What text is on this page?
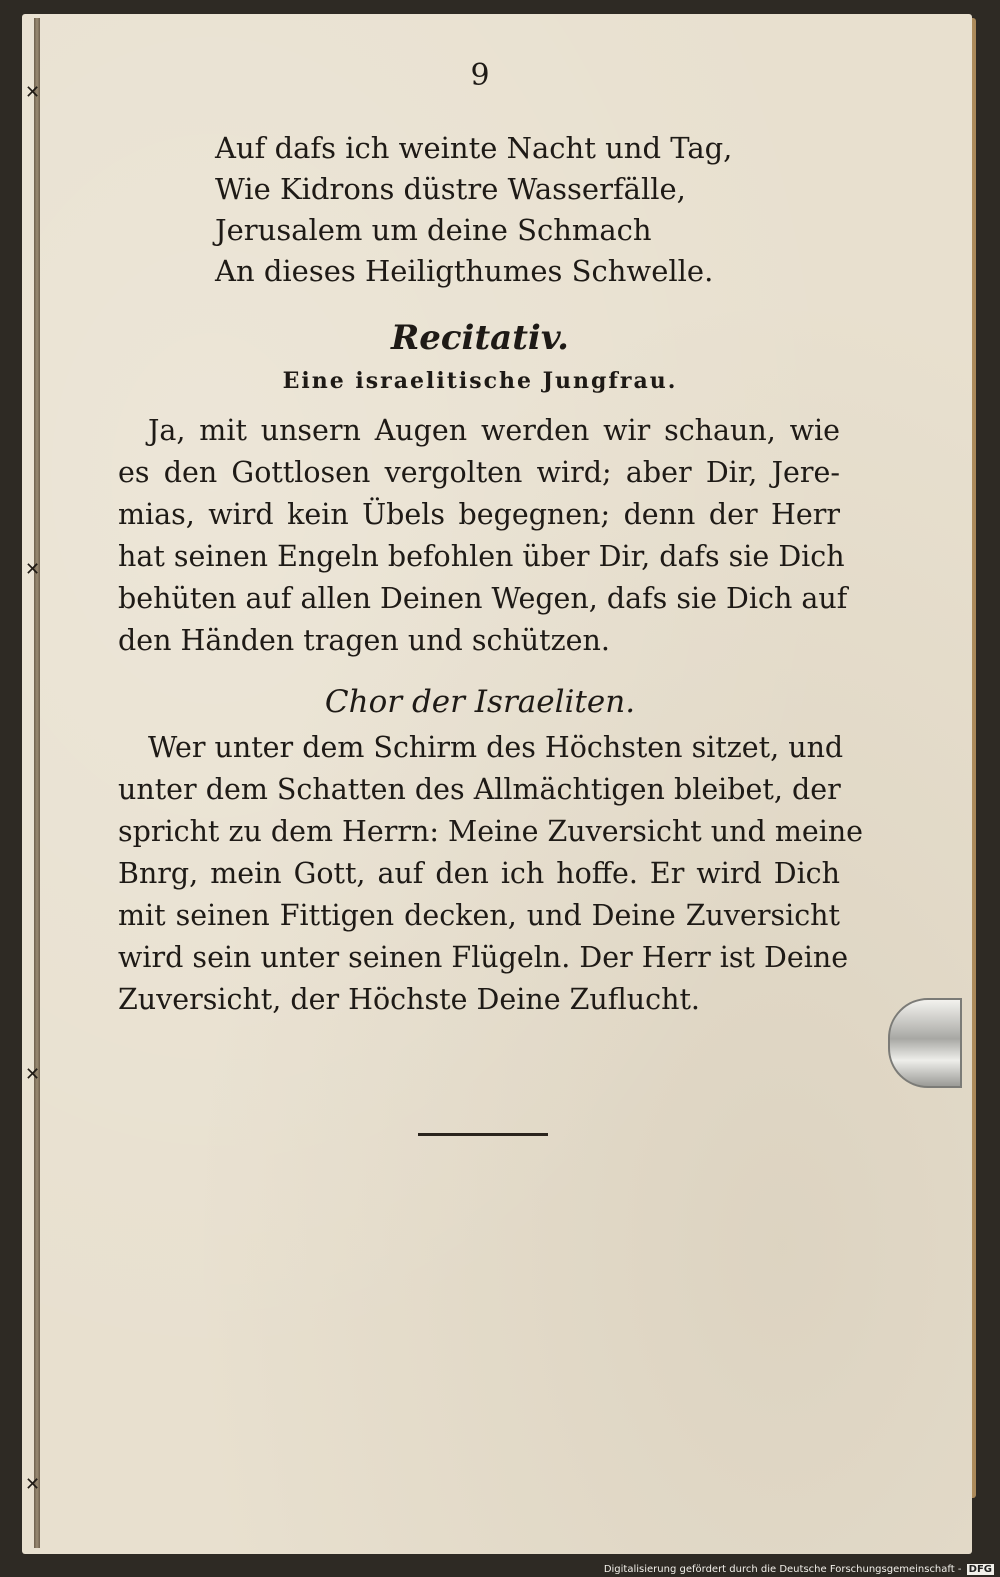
✕
✕
✕
✕
9
Auf dafs ich weinte Nacht und Tag,
Wie Kidrons düstre Wasserfälle,
Jerusalem um deine Schmach
An dieses Heiligthumes Schwelle.
Recitativ.
Eine israelitische Jungfrau.
Ja, mit unsern Augen werden wir schaun, wie
es den Gottlosen vergolten wird; aber Dir, Jere-
mias, wird kein Übels begegnen; denn der Herr
hat seinen Engeln befohlen über Dir, dafs sie Dich
behüten auf allen Deinen Wegen, dafs sie Dich auf
den Händen tragen und schützen.
Chor der Israeliten.
Wer unter dem Schirm des Höchsten sitzet, und
unter dem Schatten des Allmächtigen bleibet, der
spricht zu dem Herrn: Meine Zuversicht und meine
Bnrg, mein Gott, auf den ich hoffe. Er wird Dich
mit seinen Fittigen decken, und Deine Zuversicht
wird sein unter seinen Flügeln. Der Herr ist Deine
Zuversicht, der Höchste Deine Zuflucht.
Digitalisierung gefördert durch die Deutsche Forschungsgemeinschaft - DFG
